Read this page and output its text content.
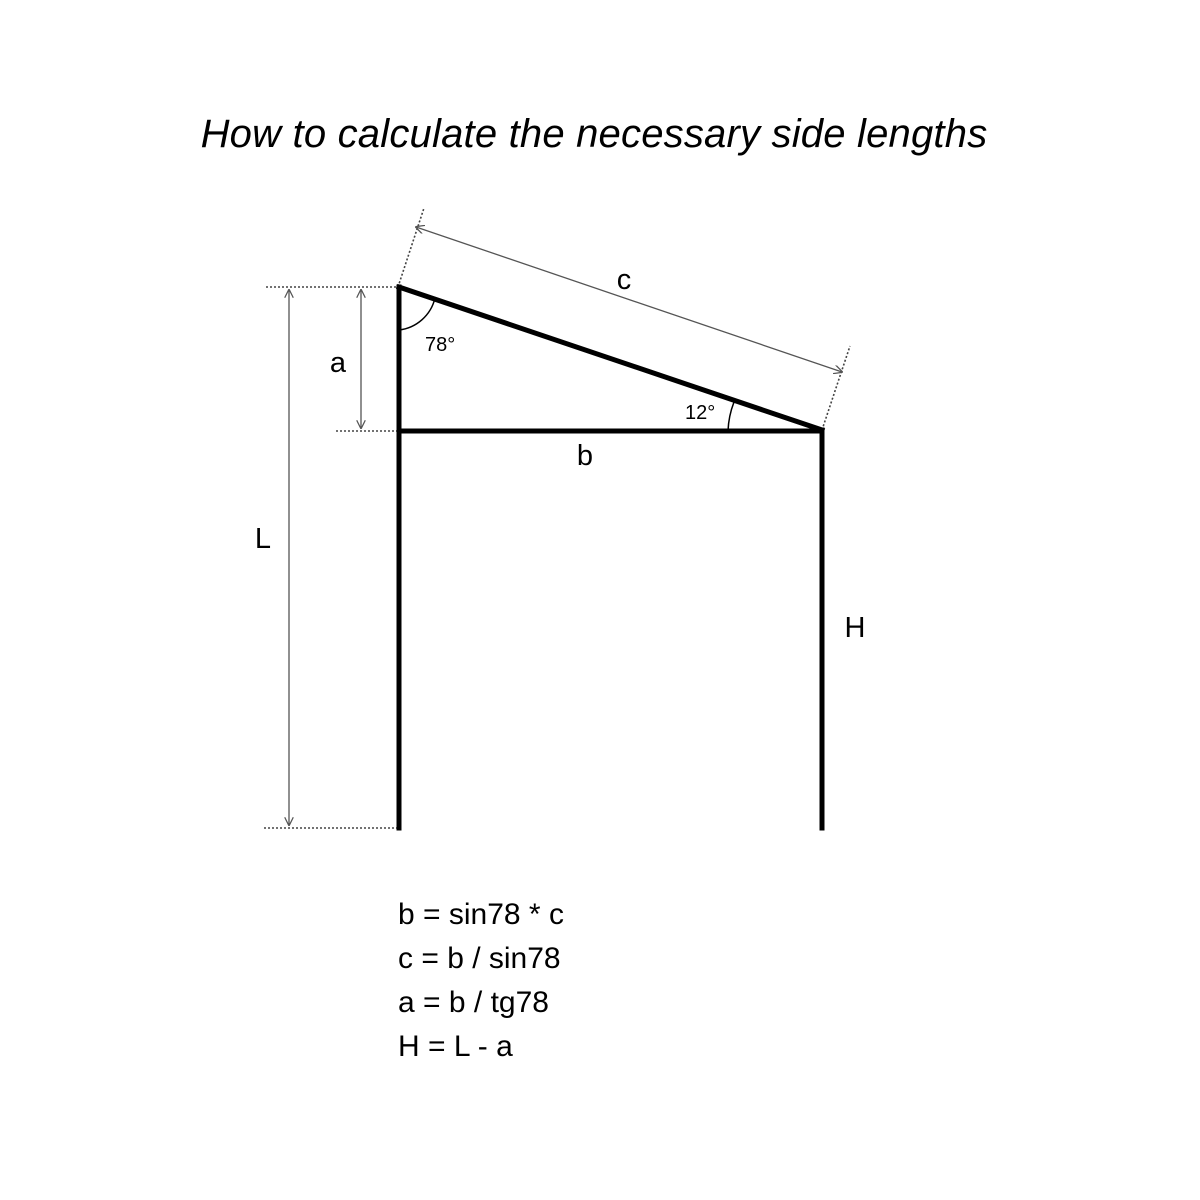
How to calculate the necessary side lengths
a
b
c
L
H
78°
12°
b = sin78 * c
c = b / sin78
a = b / tg78
H = L - a
